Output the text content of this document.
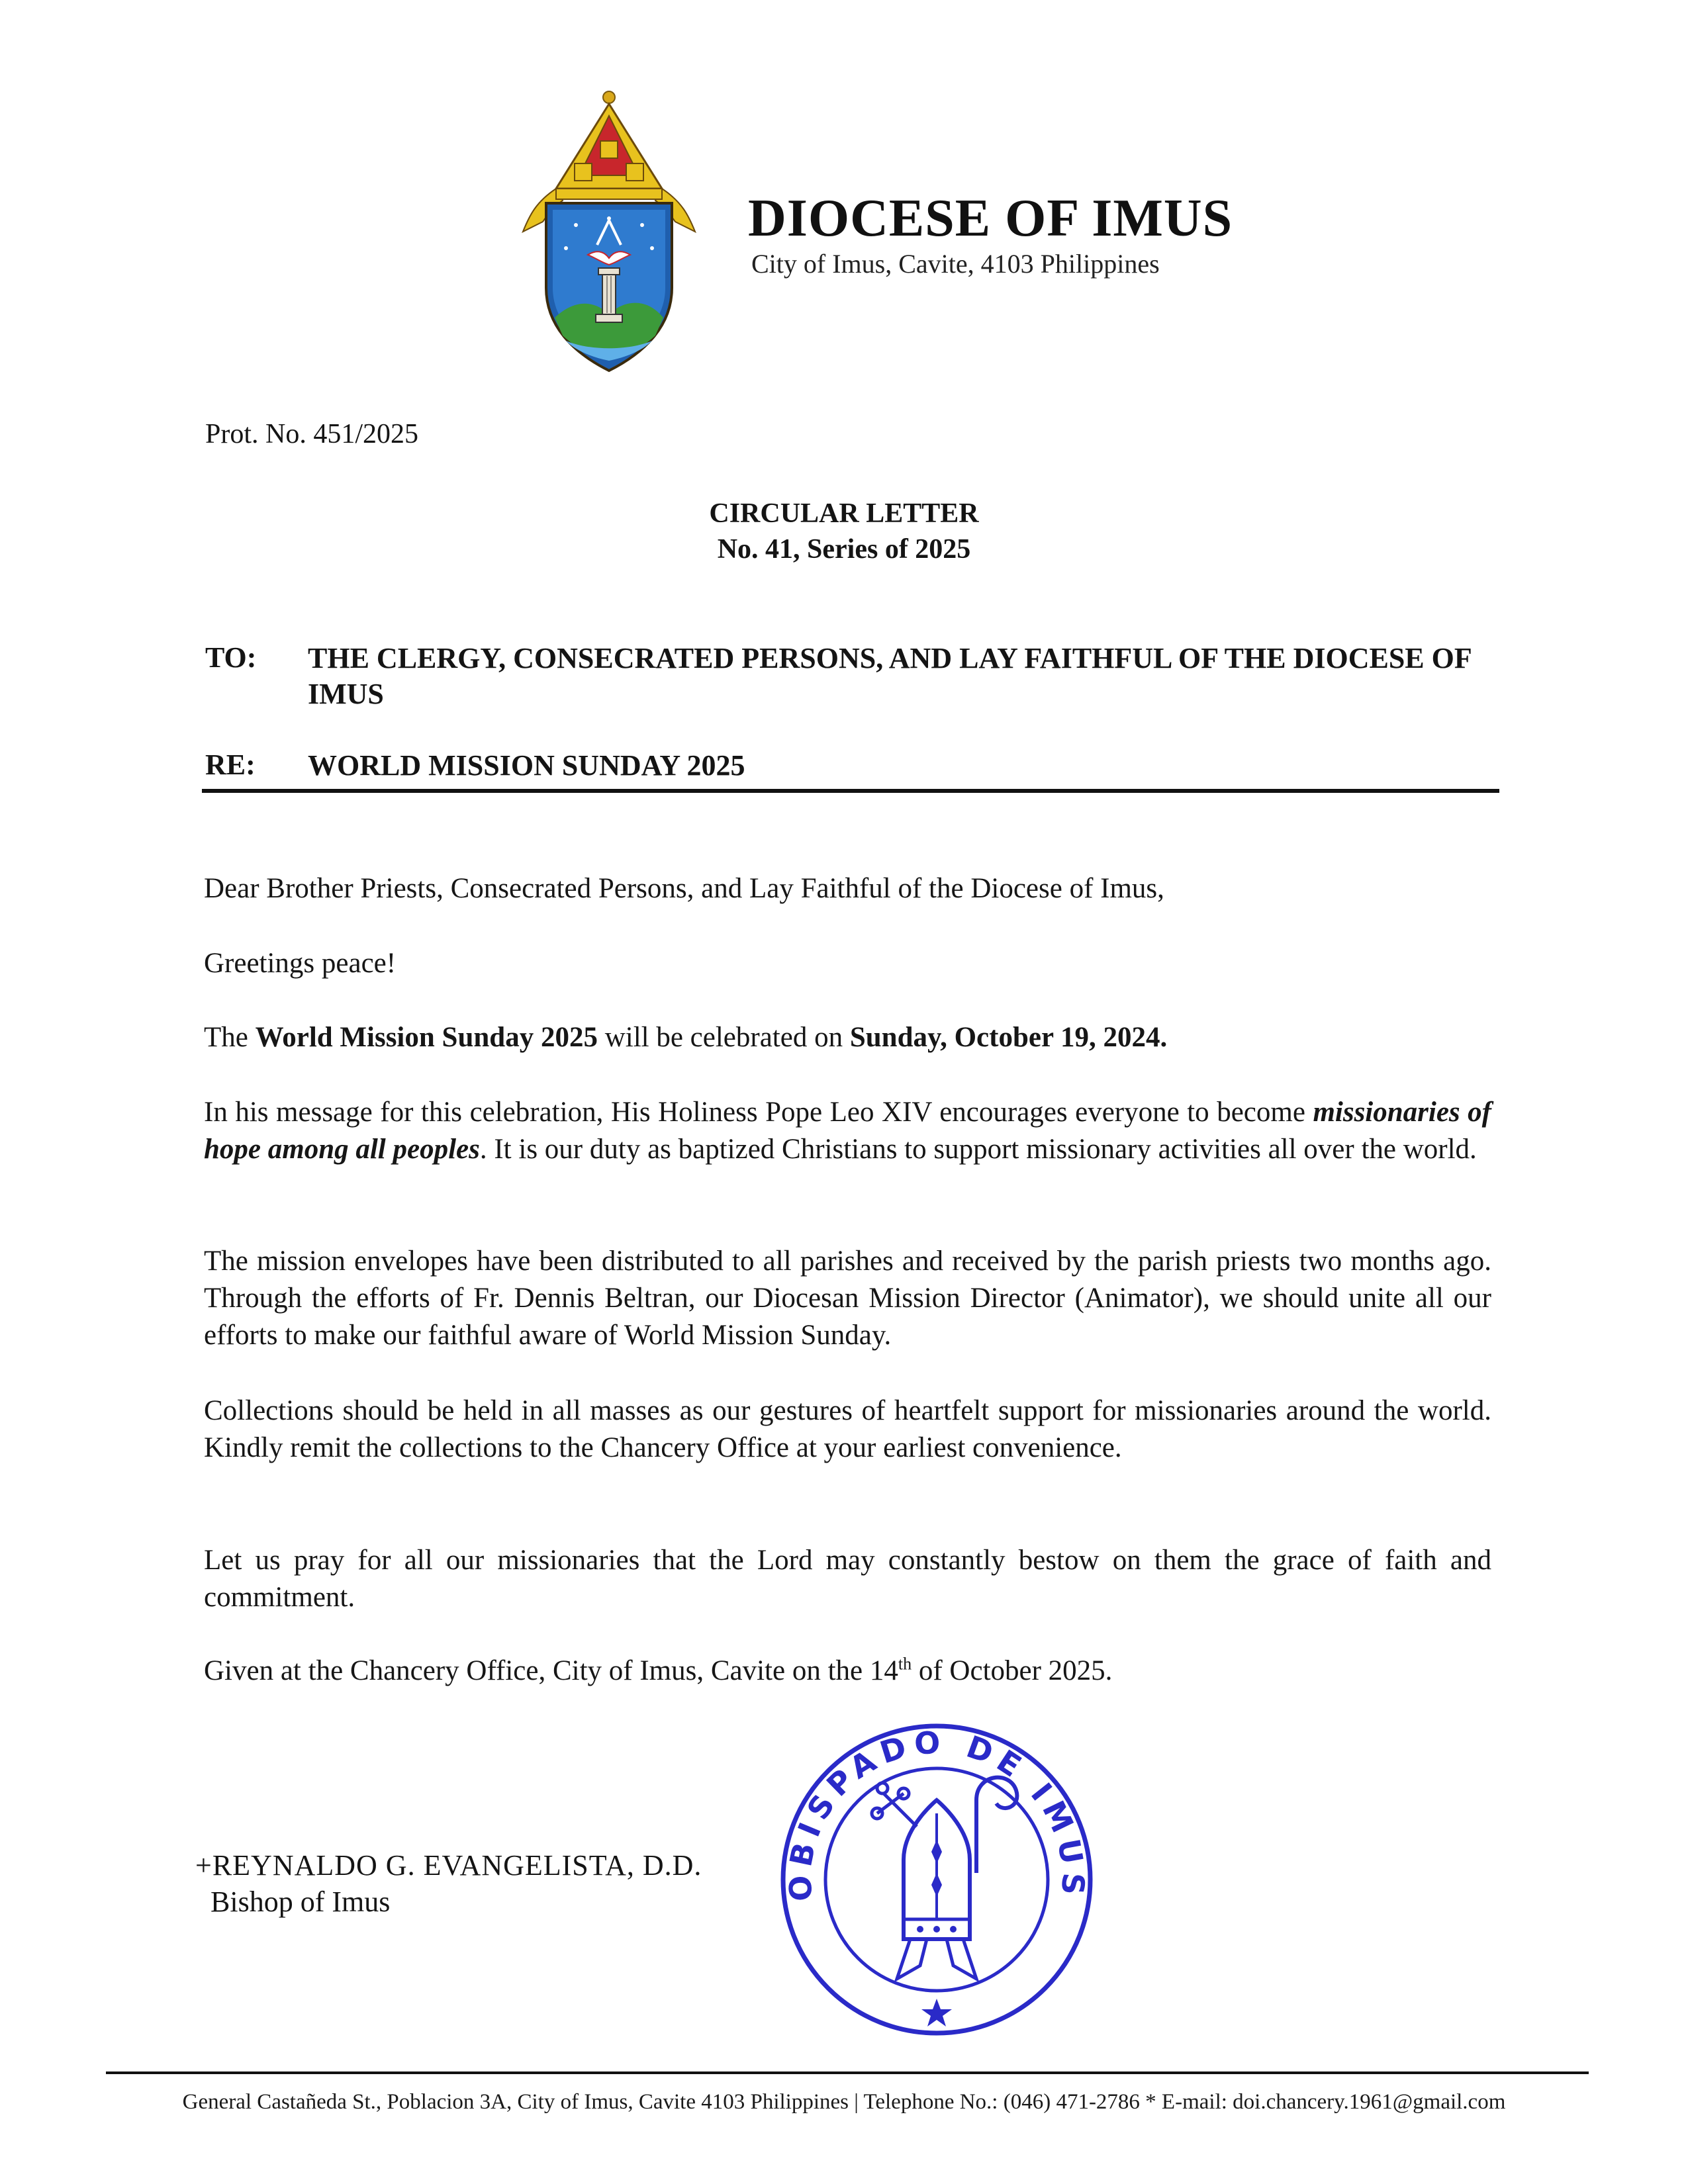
DIOCESE OF IMUS
City of Imus, Cavite, 4103 Philippines
Prot. No. 451/2025
CIRCULAR LETTER
No. 41, Series of 2025
TO: THE CLERGY, CONSECRATED PERSONS, AND LAY FAITHFUL OF THE DIOCESE OF IMUS
RE: WORLD MISSION SUNDAY 2025
Dear Brother Priests, Consecrated Persons, and Lay Faithful of the Diocese of Imus,
Greetings peace!
The World Mission Sunday 2025 will be celebrated on Sunday, October 19, 2024.
In his message for this celebration, His Holiness Pope Leo XIV encourages everyone to become missionaries of hope among all peoples. It is our duty as baptized Christians to support missionary activities all over the world.
The mission envelopes have been distributed to all parishes and received by the parish priests two months ago. Through the efforts of Fr. Dennis Beltran, our Diocesan Mission Director (Animator), we should unite all our efforts to make our faithful aware of World Mission Sunday.
Collections should be held in all masses as our gestures of heartfelt support for missionaries around the world. Kindly remit the collections to the Chancery Office at your earliest convenience.
Let us pray for all our missionaries that the Lord may constantly bestow on them the grace of faith and commitment.
Given at the Chancery Office, City of Imus, Cavite on the 14th of October 2025.
+REYNALDO G. EVANGELISTA, D.D.
Bishop of Imus	OBISPADO DE IMUS
General Castañeda St., Poblacion 3A, City of Imus, Cavite 4103 Philippines | Telephone No.: (046) 471-2786 * E-mail: doi.chancery.1961@gmail.com
